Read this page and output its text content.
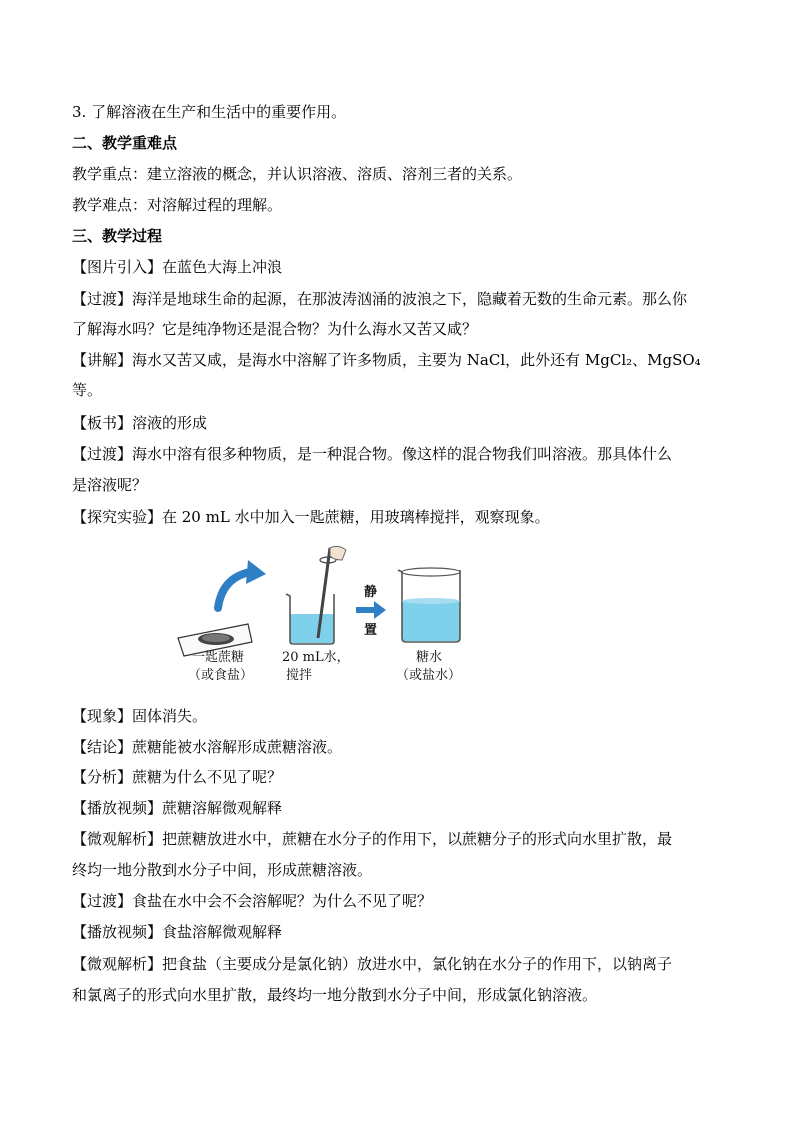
3. 了解溶液在生产和生活中的重要作用。
二、教学重难点
教学重点：建立溶液的概念，并认识溶液、溶质、溶剂三者的关系。
教学难点：对溶解过程的理解。
三、教学过程
【图片引入】在蓝色大海上冲浪
【过渡】海洋是地球生命的起源，在那波涛汹涌的波浪之下，隐藏着无数的生命元素。那么你
了解海水吗？它是纯净物还是混合物？为什么海水又苦又咸？
【讲解】海水又苦又咸，是海水中溶解了许多物质，主要为 NaCl，此外还有 MgCl₂、MgSO₄
等。
【板书】溶液的形成
【过渡】海水中溶有很多种物质，是一种混合物。像这样的混合物我们叫溶液。那具体什么
是溶液呢？
【探究实验】在 20 mL 水中加入一匙蔗糖，用玻璃棒搅拌，观察现象。
【现象】固体消失。
【结论】蔗糖能被水溶解形成蔗糖溶液。
【分析】蔗糖为什么不见了呢？
【播放视频】蔗糖溶解微观解释
【微观解析】把蔗糖放进水中，蔗糖在水分子的作用下，以蔗糖分子的形式向水里扩散，最
终均一地分散到水分子中间，形成蔗糖溶液。
【过渡】食盐在水中会不会溶解呢？为什么不见了呢？
【播放视频】食盐溶解微观解释
【微观解析】把食盐（主要成分是氯化钠）放进水中，氯化钠在水分子的作用下，以钠离子
和氯离子的形式向水里扩散，最终均一地分散到水分子中间，形成氯化钠溶液。
静
置
一匙蔗糖
（或食盐）
20 mL水，
搅拌
糖水
（或盐水）
